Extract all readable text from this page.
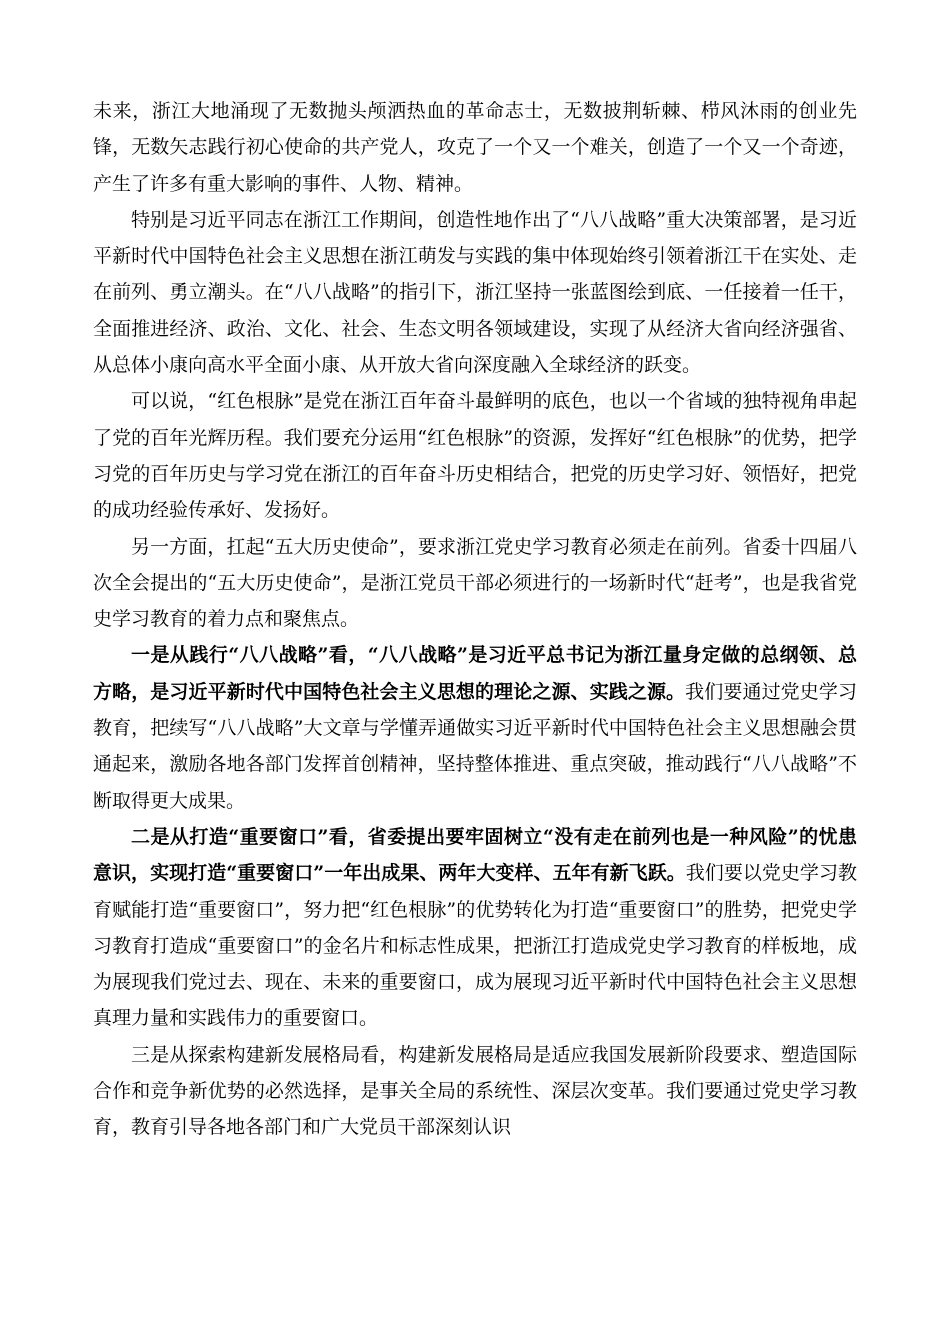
未来，浙江大地涌现了无数抛头颅洒热血的革命志士，无数披荆斩棘、栉风沐雨的创业先锋，无数矢志践行初心使命的共产党人，攻克了一个又一个难关，创造了一个又一个奇迹，产生了许多有重大影响的事件、人物、精神。

特别是习近平同志在浙江工作期间，创造性地作出了“八八战略”重大决策部署，是习近平新时代中国特色社会主义思想在浙江萌发与实践的集中体现始终引领着浙江干在实处、走在前列、勇立潮头。在“八八战略”的指引下，浙江坚持一张蓝图绘到底、一任接着一任干，全面推进经济、政治、文化、社会、生态文明各领域建设，实现了从经济大省向经济强省、从总体小康向高水平全面小康、从开放大省向深度融入全球经济的跃变。

可以说，“红色根脉”是党在浙江百年奋斗最鲜明的底色，也以一个省域的独特视角串起了党的百年光辉历程。我们要充分运用“红色根脉”的资源，发挥好“红色根脉”的优势，把学习党的百年历史与学习党在浙江的百年奋斗历史相结合，把党的历史学习好、领悟好，把党的成功经验传承好、发扬好。

另一方面，扛起“五大历史使命”，要求浙江党史学习教育必须走在前列。省委十四届八次全会提出的“五大历史使命”，是浙江党员干部必须进行的一场新时代“赶考”，也是我省党史学习教育的着力点和聚焦点。

一是从践行“八八战略”看，“八八战略”是习近平总书记为浙江量身定做的总纲领、总方略，是习近平新时代中国特色社会主义思想的理论之源、实践之源。我们要通过党史学习教育，把续写“八八战略”大文章与学懂弄通做实习近平新时代中国特色社会主义思想融会贯通起来，激励各地各部门发挥首创精神，坚持整体推进、重点突破，推动践行“八八战略”不断取得更大成果。

二是从打造“重要窗口”看，省委提出要牢固树立“没有走在前列也是一种风险”的忧患意识，实现打造“重要窗口”一年出成果、两年大变样、五年有新飞跃。我们要以党史学习教育赋能打造“重要窗口”，努力把“红色根脉”的优势转化为打造“重要窗口”的胜势，把党史学习教育打造成“重要窗口”的金名片和标志性成果，把浙江打造成党史学习教育的样板地，成为展现我们党过去、现在、未来的重要窗口，成为展现习近平新时代中国特色社会主义思想真理力量和实践伟力的重要窗口。

三是从探索构建新发展格局看，构建新发展格局是适应我国发展新阶段要求、塑造国际合作和竞争新优势的必然选择，是事关全局的系统性、深层次变革。我们要通过党史学习教育，教育引导各地各部门和广大党员干部深刻认识
